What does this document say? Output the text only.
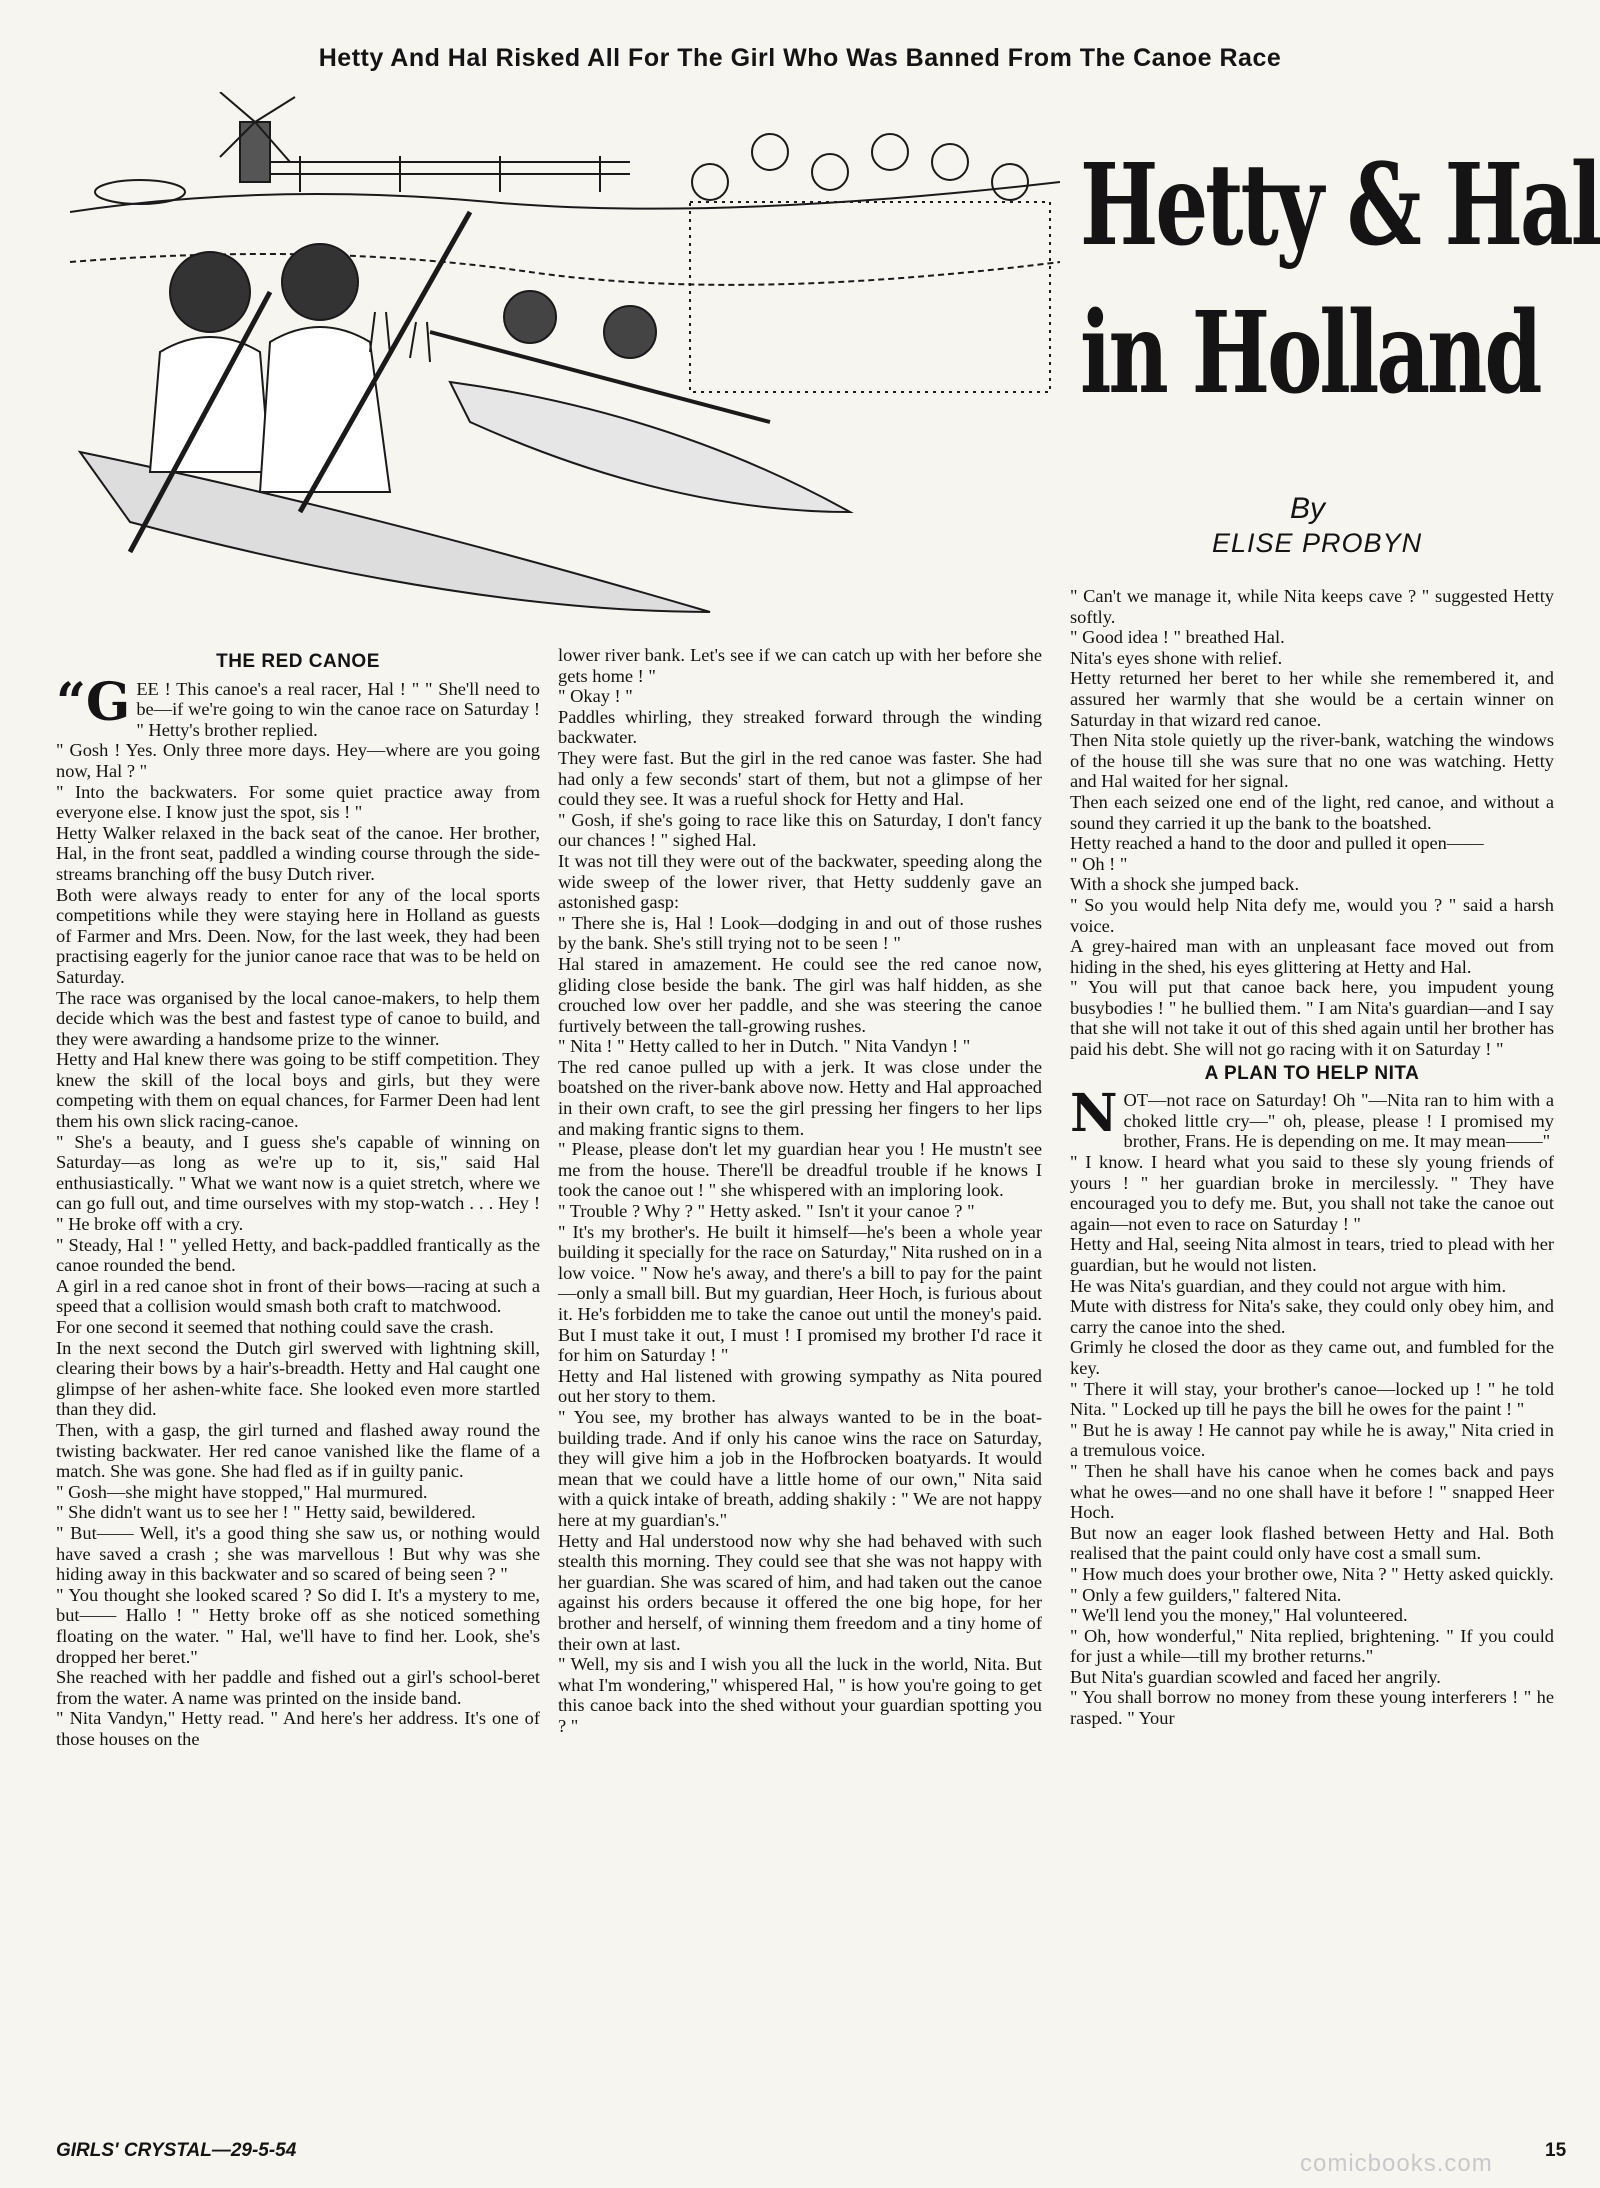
Hetty And Hal Risked All For The Girl Who Was Banned From The Canoe Race
Hetty & Hal
in Holland
By
ELISE PROBYN

THE RED CANOE

“GEE ! This canoe's a real racer, Hal ! " " She'll need to be—if we're going to win the canoe race on Saturday ! " Hetty's brother replied.

" Gosh ! Yes. Only three more days. Hey—where are you going now, Hal ? "

" Into the backwaters. For some quiet practice away from everyone else. I know just the spot, sis ! "

Hetty Walker relaxed in the back seat of the canoe. Her brother, Hal, in the front seat, paddled a winding course through the side-streams branching off the busy Dutch river.

Both were always ready to enter for any of the local sports competitions while they were staying here in Holland as guests of Farmer and Mrs. Deen. Now, for the last week, they had been practising eagerly for the junior canoe race that was to be held on Saturday.

The race was organised by the local canoe-makers, to help them decide which was the best and fastest type of canoe to build, and they were awarding a handsome prize to the winner.

Hetty and Hal knew there was going to be stiff competition. They knew the skill of the local boys and girls, but they were competing with them on equal chances, for Farmer Deen had lent them his own slick racing-canoe.

" She's a beauty, and I guess she's capable of winning on Saturday—as long as we're up to it, sis," said Hal enthusiastically. " What we want now is a quiet stretch, where we can go full out, and time ourselves with my stop-watch . . . Hey ! " He broke off with a cry.

" Steady, Hal ! " yelled Hetty, and back-paddled frantically as the canoe rounded the bend.

A girl in a red canoe shot in front of their bows—racing at such a speed that a collision would smash both craft to matchwood.

For one second it seemed that nothing could save the crash.

In the next second the Dutch girl swerved with lightning skill, clearing their bows by a hair's-breadth. Hetty and Hal caught one glimpse of her ashen-white face. She looked even more startled than they did.

Then, with a gasp, the girl turned and flashed away round the twisting backwater. Her red canoe vanished like the flame of a match. She was gone. She had fled as if in guilty panic.

" Gosh—she might have stopped," Hal murmured.

" She didn't want us to see her ! " Hetty said, bewildered.

" But—— Well, it's a good thing she saw us, or nothing would have saved a crash ; she was marvellous ! But why was she hiding away in this backwater and so scared of being seen ? "

" You thought she looked scared ? So did I. It's a mystery to me, but—— Hallo ! " Hetty broke off as she noticed something floating on the water. " Hal, we'll have to find her. Look, she's dropped her beret."

She reached with her paddle and fished out a girl's school-beret from the water. A name was printed on the inside band.

" Nita Vandyn," Hetty read. " And here's her address. It's one of those houses on the

lower river bank. Let's see if we can catch up with her before she gets home ! "

" Okay ! "

Paddles whirling, they streaked forward through the winding backwater.

They were fast. But the girl in the red canoe was faster. She had had only a few seconds' start of them, but not a glimpse of her could they see. It was a rueful shock for Hetty and Hal.

" Gosh, if she's going to race like this on Saturday, I don't fancy our chances ! " sighed Hal.

It was not till they were out of the backwater, speeding along the wide sweep of the lower river, that Hetty suddenly gave an astonished gasp:

" There she is, Hal ! Look—dodging in and out of those rushes by the bank. She's still trying not to be seen ! "

Hal stared in amazement. He could see the red canoe now, gliding close beside the bank. The girl was half hidden, as she crouched low over her paddle, and she was steering the canoe furtively between the tall-growing rushes.

" Nita ! " Hetty called to her in Dutch. " Nita Vandyn ! "

The red canoe pulled up with a jerk. It was close under the boatshed on the river-bank above now. Hetty and Hal approached in their own craft, to see the girl pressing her fingers to her lips and making frantic signs to them.

" Please, please don't let my guardian hear you ! He mustn't see me from the house. There'll be dreadful trouble if he knows I took the canoe out ! " she whispered with an imploring look.

" Trouble ? Why ? " Hetty asked. " Isn't it your canoe ? "

" It's my brother's. He built it himself—he's been a whole year building it specially for the race on Saturday," Nita rushed on in a low voice. " Now he's away, and there's a bill to pay for the paint—only a small bill. But my guardian, Heer Hoch, is furious about it. He's forbidden me to take the canoe out until the money's paid. But I must take it out, I must ! I promised my brother I'd race it for him on Saturday ! "

Hetty and Hal listened with growing sympathy as Nita poured out her story to them.

" You see, my brother has always wanted to be in the boat-building trade. And if only his canoe wins the race on Saturday, they will give him a job in the Hofbrocken boatyards. It would mean that we could have a little home of our own," Nita said with a quick intake of breath, adding shakily : " We are not happy here at my guardian's."

Hetty and Hal understood now why she had behaved with such stealth this morning. They could see that she was not happy with her guardian. She was scared of him, and had taken out the canoe against his orders because it offered the one big hope, for her brother and herself, of winning them freedom and a tiny home of their own at last.

" Well, my sis and I wish you all the luck in the world, Nita. But what I'm wondering," whispered Hal, " is how you're going to get this canoe back into the shed without your guardian spotting you ? "

" Can't we manage it, while Nita keeps cave ? " suggested Hetty softly.

" Good idea ! " breathed Hal.

Nita's eyes shone with relief.

Hetty returned her beret to her while she remembered it, and assured her warmly that she would be a certain winner on Saturday in that wizard red canoe.

Then Nita stole quietly up the river-bank, watching the windows of the house till she was sure that no one was watching. Hetty and Hal waited for her signal.

Then each seized one end of the light, red canoe, and without a sound they carried it up the bank to the boatshed.

Hetty reached a hand to the door and pulled it open——

" Oh ! "

With a shock she jumped back.

" So you would help Nita defy me, would you ? " said a harsh voice.

A grey-haired man with an unpleasant face moved out from hiding in the shed, his eyes glittering at Hetty and Hal.

" You will put that canoe back here, you impudent young busybodies ! " he bullied them. " I am Nita's guardian—and I say that she will not take it out of this shed again until her brother has paid his debt. She will not go racing with it on Saturday ! "

A PLAN TO HELP NITA

NOT—not race on Saturday! Oh "—Nita ran to him with a choked little cry—" oh, please, please ! I promised my brother, Frans. He is depending on me. It may mean——"

" I know. I heard what you said to these sly young friends of yours ! " her guardian broke in mercilessly. " They have encouraged you to defy me. But, you shall not take the canoe out again—not even to race on Saturday ! "

Hetty and Hal, seeing Nita almost in tears, tried to plead with her guardian, but he would not listen.

He was Nita's guardian, and they could not argue with him.

Mute with distress for Nita's sake, they could only obey him, and carry the canoe into the shed.

Grimly he closed the door as they came out, and fumbled for the key.

" There it will stay, your brother's canoe—locked up ! " he told Nita. " Locked up till he pays the bill he owes for the paint ! "

" But he is away ! He cannot pay while he is away," Nita cried in a tremulous voice.

" Then he shall have his canoe when he comes back and pays what he owes—and no one shall have it before ! " snapped Heer Hoch.

But now an eager look flashed between Hetty and Hal. Both realised that the paint could only have cost a small sum.

" How much does your brother owe, Nita ? " Hetty asked quickly.

" Only a few guilders," faltered Nita.

" We'll lend you the money," Hal volunteered.

" Oh, how wonderful," Nita replied, brightening. " If you could for just a while—till my brother returns."

But Nita's guardian scowled and faced her angrily.

" You shall borrow no money from these young interferers ! " he rasped. " Your

GIRLS' CRYSTAL—29-5-54	comicbooks.com	15
